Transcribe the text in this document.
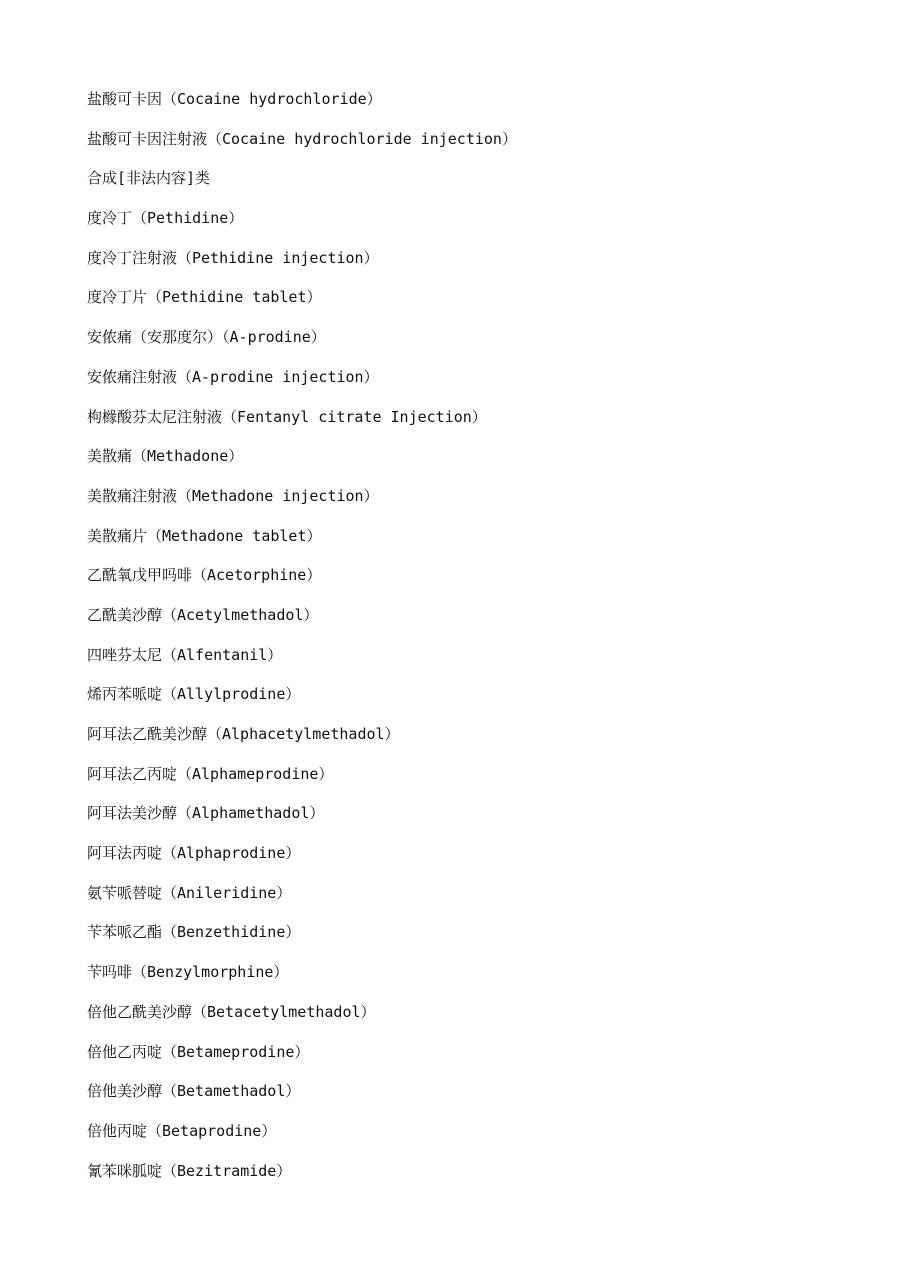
盐酸可卡因（Cocaine hydrochloride）
盐酸可卡因注射液（Cocaine hydrochloride injection）
合成[非法内容]类
度冷丁（Pethidine）
度冷丁注射液（Pethidine injection）
度冷丁片（Pethidine tablet）
安侬痛（安那度尔）（A-prodine）
安侬痛注射液（A-prodine injection）
枸橼酸芬太尼注射液（Fentanyl citrate Injection）
美散痛（Methadone）
美散痛注射液（Methadone injection）
美散痛片（Methadone tablet）
乙酰氧戊甲吗啡（Acetorphine）
乙酰美沙醇（Acetylmethadol）
四唑芬太尼（Alfentanil）
烯丙苯哌啶（Allylprodine）
阿耳法乙酰美沙醇（Alphacetylmethadol）
阿耳法乙丙啶（Alphameprodine）
阿耳法美沙醇（Alphamethadol）
阿耳法丙啶（Alphaprodine）
氨苄哌替啶（Anileridine）
苄苯哌乙酯（Benzethidine）
苄吗啡（Benzylmorphine）
倍他乙酰美沙醇（Betacetylmethadol）
倍他乙丙啶（Betameprodine）
倍他美沙醇（Betamethadol）
倍他丙啶（Betaprodine）
氰苯咪胍啶（Bezitramide）
